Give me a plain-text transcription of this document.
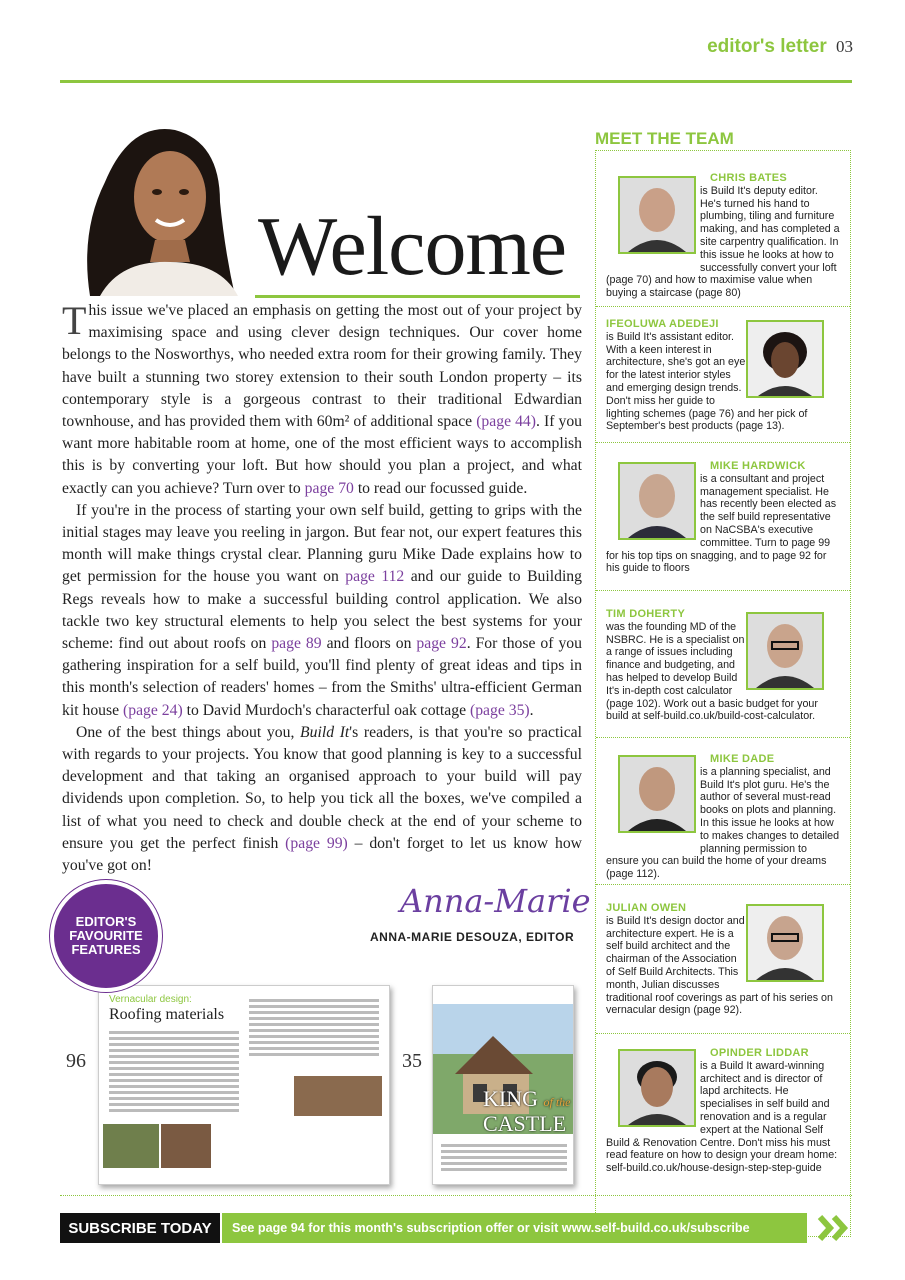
editor's letter 03
Welcome

This issue we've placed an emphasis on getting the most out of your project by maximising space and using clever design techniques. Our cover home belongs to the Nosworthys, who needed extra room for their growing family. They have built a stunning two storey extension to their south London property – its contemporary style is a gorgeous contrast to their traditional Edwardian townhouse, and has provided them with 60m² of additional space (page 44). If you want more habitable room at home, one of the most efficient ways to accomplish this is by converting your loft. But how should you plan a project, and what exactly can you achieve? Turn over to page 70 to read our focussed guide.

If you're in the process of starting your own self build, getting to grips with the initial stages may leave you reeling in jargon. But fear not, our expert features this month will make things crystal clear. Planning guru Mike Dade explains how to get permission for the house you want on page 112 and our guide to Building Regs reveals how to make a successful building control application. We also tackle two key structural elements to help you select the best systems for your scheme: find out about roofs on page 89 and floors on page 92. For those of you gathering inspiration for a self build, you'll find plenty of great ideas and tips in this month's selection of readers' homes – from the Smiths' ultra-efficient German kit house (page 24) to David Murdoch's characterful oak cottage (page 35).

One of the best things about you, Build It's readers, is that you're so practical with regards to your projects. You know that good planning is key to a successful development and that taking an organised approach to your build will pay dividends upon completion. So, to help you tick all the boxes, we've compiled a list of what you need to check and double check at the end of your scheme to ensure you get the perfect finish (page 99) – don't forget to let us know how you've got on!

Anna-Marie
ANNA-MARIE DESOUZA, EDITOR
EDITOR'S
FAVOURITE
FEATURES
96
Vernacular design:
Roofing materials
35
KING of the
CASTLE
MEET THE TEAM
CHRIS BATES
is Build It's deputy editor. He's turned his hand to plumbing, tiling and furniture making, and has completed a site carpentry qualification. In this issue he looks at how to successfully convert your loft (page 70) and how to maximise value when buying a staircase (page 80)
IFEOLUWA ADEDEJI
is Build It's assistant editor. With a keen interest in architecture, she's got an eye for the latest interior styles and emerging design trends. Don't miss her guide to lighting schemes (page 76) and her pick of September's best products (page 13).
MIKE HARDWICK
is a consultant and project management specialist. He has recently been elected as the self build representative on NaCSBA's executive committee. Turn to page 99 for his top tips on snagging, and to page 92 for his guide to floors
TIM DOHERTY
was the founding MD of the NSBRC. He is a specialist on a range of issues including finance and budgeting, and has helped to develop Build It's in-depth cost calculator (page 102). Work out a basic budget for your build at self-build.co.uk/build-cost-calculator.
MIKE DADE
is a planning specialist, and Build It's plot guru. He's the author of several must-read books on plots and planning. In this issue he looks at how to makes changes to detailed planning permission to ensure you can build the home of your dreams (page 112).
JULIAN OWEN
is Build It's design doctor and architecture expert. He is a self build architect and the chairman of the Association of Self Build Architects. This month, Julian discusses traditional roof coverings as part of his series on vernacular design (page 92).
OPINDER LIDDAR
is a Build It award-winning architect and is director of lapd architects. He specialises in self build and renovation and is a regular expert at the National Self Build & Renovation Centre. Don't miss his must read feature on how to design your dream home: self-build.co.uk/house-design-step-step-guide
SUBSCRIBE TODAY	See page 94 for this month's subscription offer or visit www.self-build.co.uk/subscribe
